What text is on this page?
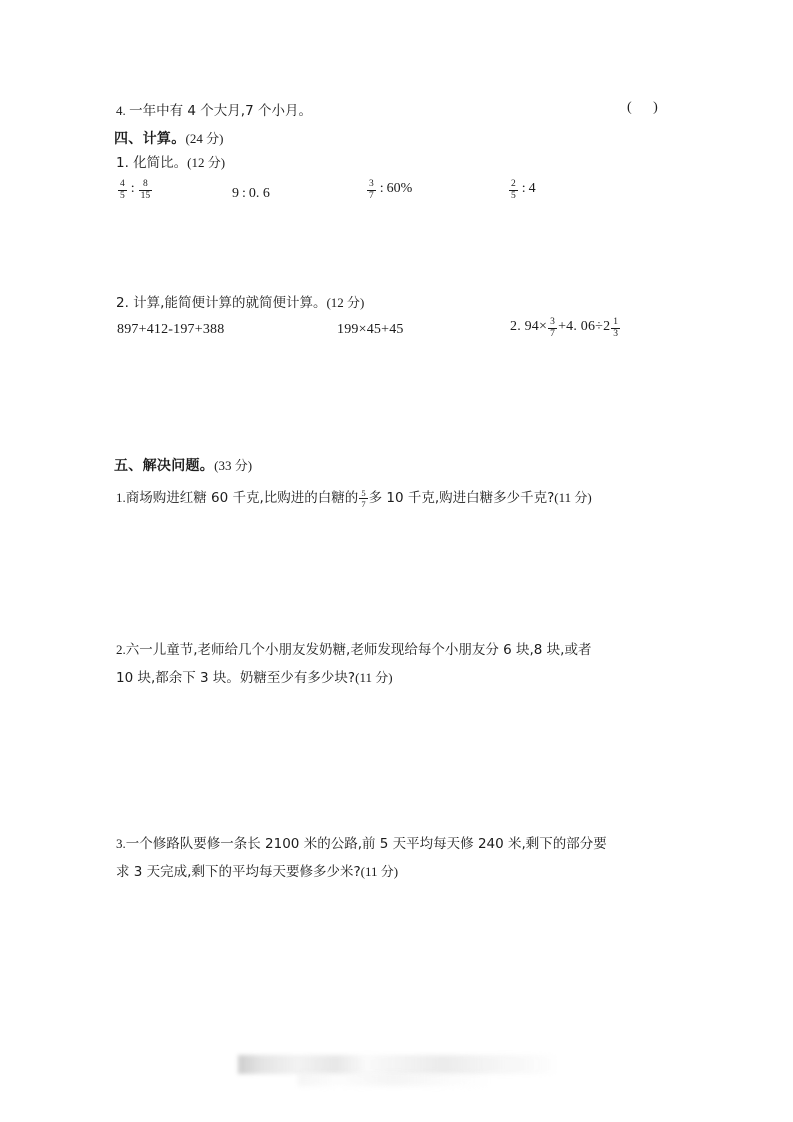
4. 一年中有 4 个大月,7 个小月。	( )
四、计算。(24 分)
1. 化简比。(12 分)
$\frac{4}{5}$ : $\frac{8}{15}$	9 : 0. 6	$\frac{3}{7}$ : 60%	$\frac{2}{5}$ : 4
2. 计算,能简便计算的就简便计算。(12 分)
897+412-197+388	199×45+45	2. $94\times \frac{3}{7} +4$. $06\div 2 \frac{1}{3}$
五、解决问题。(33 分)
1.商场购进红糖 60 千克,比购进的白糖的 $\frac{5}{7}$ 多 10 千克,购进白糖多少千克?(11 分)
2.六一儿童节,老师给几个小朋友发奶糖,老师发现给每个小朋友分 6 块,8 块,或者
10 块,都余下 3 块。奶糖至少有多少块?(11 分)
3.一个修路队要修一条长 2100 米的公路,前 5 天平均每天修 240 米,剩下的部分要
求 3 天完成,剩下的平均每天要修多少米?(11 分)
